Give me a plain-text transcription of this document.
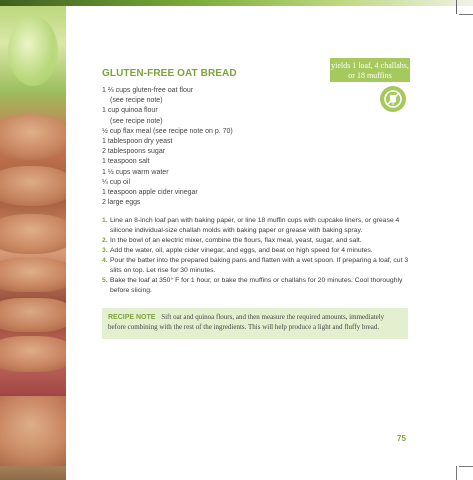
GLUTEN-FREE OAT BREAD
yields 1 loaf, 4 challahs,
or 18 muffins
1 ⅔ cups gluten-free oat flour
(see recipe note)
1 cup quinoa flour
(see recipe note)
½ cup flax meal (see recipe note on p. 70)
1 tablespoon dry yeast
2 tablespoons sugar
1 teaspoon salt
1 ½ cups warm water
¼ cup oil
1 teaspoon apple cider vinegar
2 large eggs
1. Line an 8-inch loaf pan with baking paper, or line 18 muffin cups with cupcake liners, or grease 4 silicone individual-size challah molds with baking paper or grease with baking spray.
2. In the bowl of an electric mixer, combine the flours, flax meal, yeast, sugar, and salt.
3. Add the water, oil, apple cider vinegar, and eggs, and beat on high speed for 4 minutes.
4. Pour the batter into the prepared baking pans and flatten with a wet spoon. If preparing a loaf, cut 3 slits on top. Let rise for 30 minutes.
5. Bake the loaf at 350° F for 1 hour, or bake the muffins or challahs for 20 minutes. Cool thoroughly before slicing.
RECIPE NOTE Sift oat and quinoa flours, and then measure the required amounts, immediately before combining with the rest of the ingredients. This will help produce a light and fluffy bread.
75
